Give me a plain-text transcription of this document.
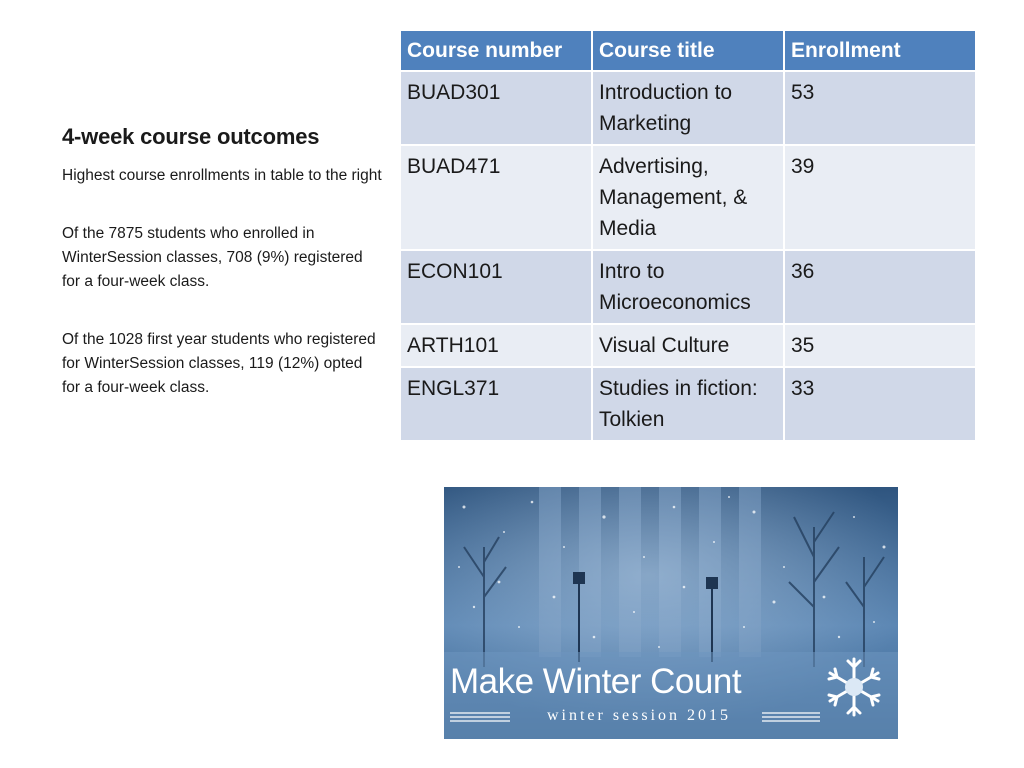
4-week course outcomes
Highest course enrollments in table to the right
Of the 7875 students who enrolled in WinterSession classes, 708 (9%) registered for a four-week class.
Of the 1028 first year students who registered for WinterSession classes, 119 (12%) opted for a four-week class.
Course number	Course title	Enrollment
BUAD301	Introduction to Marketing	53
BUAD471	Advertising, Management, & Media	39
ECON101	Intro to Microeconomics	36
ARTH101	Visual Culture	35
ENGL371	Studies in fiction: Tolkien	33
Make Winter Count
winter session 2015
